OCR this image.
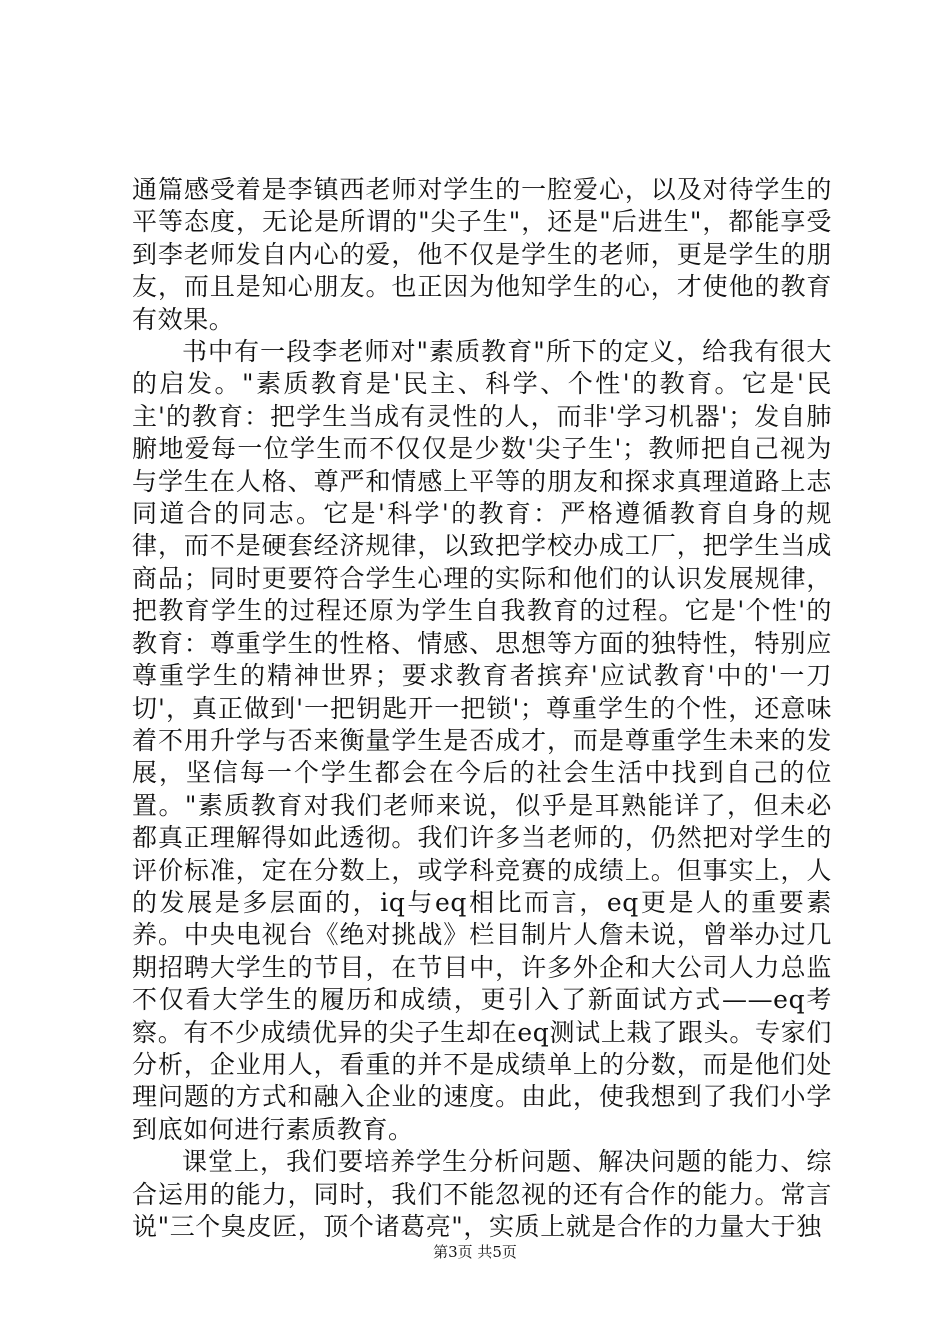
通篇感受着是李镇西老师对学生的一腔爱心，以及对待学生的平等态度，无论是所谓的"尖子生"，还是"后进生"，都能享受到李老师发自内心的爱，他不仅是学生的老师，更是学生的朋友，而且是知心朋友。也正因为他知学生的心，才使他的教育有效果。

书中有一段李老师对"素质教育"所下的定义，给我有很大的启发。"素质教育是'民主、科学、个性'的教育。它是'民主'的教育：把学生当成有灵性的人，而非'学习机器'；发自肺腑地爱每一位学生而不仅仅是少数'尖子生'；教师把自己视为与学生在人格、尊严和情感上平等的朋友和探求真理道路上志同道合的同志。它是'科学'的教育：严格遵循教育自身的规律，而不是硬套经济规律，以致把学校办成工厂，把学生当成商品；同时更要符合学生心理的实际和他们的认识发展规律，把教育学生的过程还原为学生自我教育的过程。它是'个性'的教育：尊重学生的性格、情感、思想等方面的独特性，特别应尊重学生的精神世界；要求教育者摈弃'应试教育'中的'一刀切'，真正做到'一把钥匙开一把锁'；尊重学生的个性，还意味着不用升学与否来衡量学生是否成才，而是尊重学生未来的发展，坚信每一个学生都会在今后的社会生活中找到自己的位置。"素质教育对我们老师来说，似乎是耳熟能详了，但未必都真正理解得如此透彻。我们许多当老师的，仍然把对学生的评价标准，定在分数上，或学科竞赛的成绩上。但事实上，人的发展是多层面的，iq与eq相比而言，eq更是人的重要素养。中央电视台《绝对挑战》栏目制片人詹未说，曾举办过几期招聘大学生的节目，在节目中，许多外企和大公司人力总监不仅看大学生的履历和成绩，更引入了新面试方式——eq考察。有不少成绩优异的尖子生却在eq测试上栽了跟头。专家们分析，企业用人，看重的并不是成绩单上的分数，而是他们处理问题的方式和融入企业的速度。由此，使我想到了我们小学到底如何进行素质教育。

课堂上，我们要培养学生分析问题、解决问题的能力、综合运用的能力，同时，我们不能忽视的还有合作的能力。常言说"三个臭皮匠，顶个诸葛亮"，实质上就是合作的力量大于独

第3页 共5页
